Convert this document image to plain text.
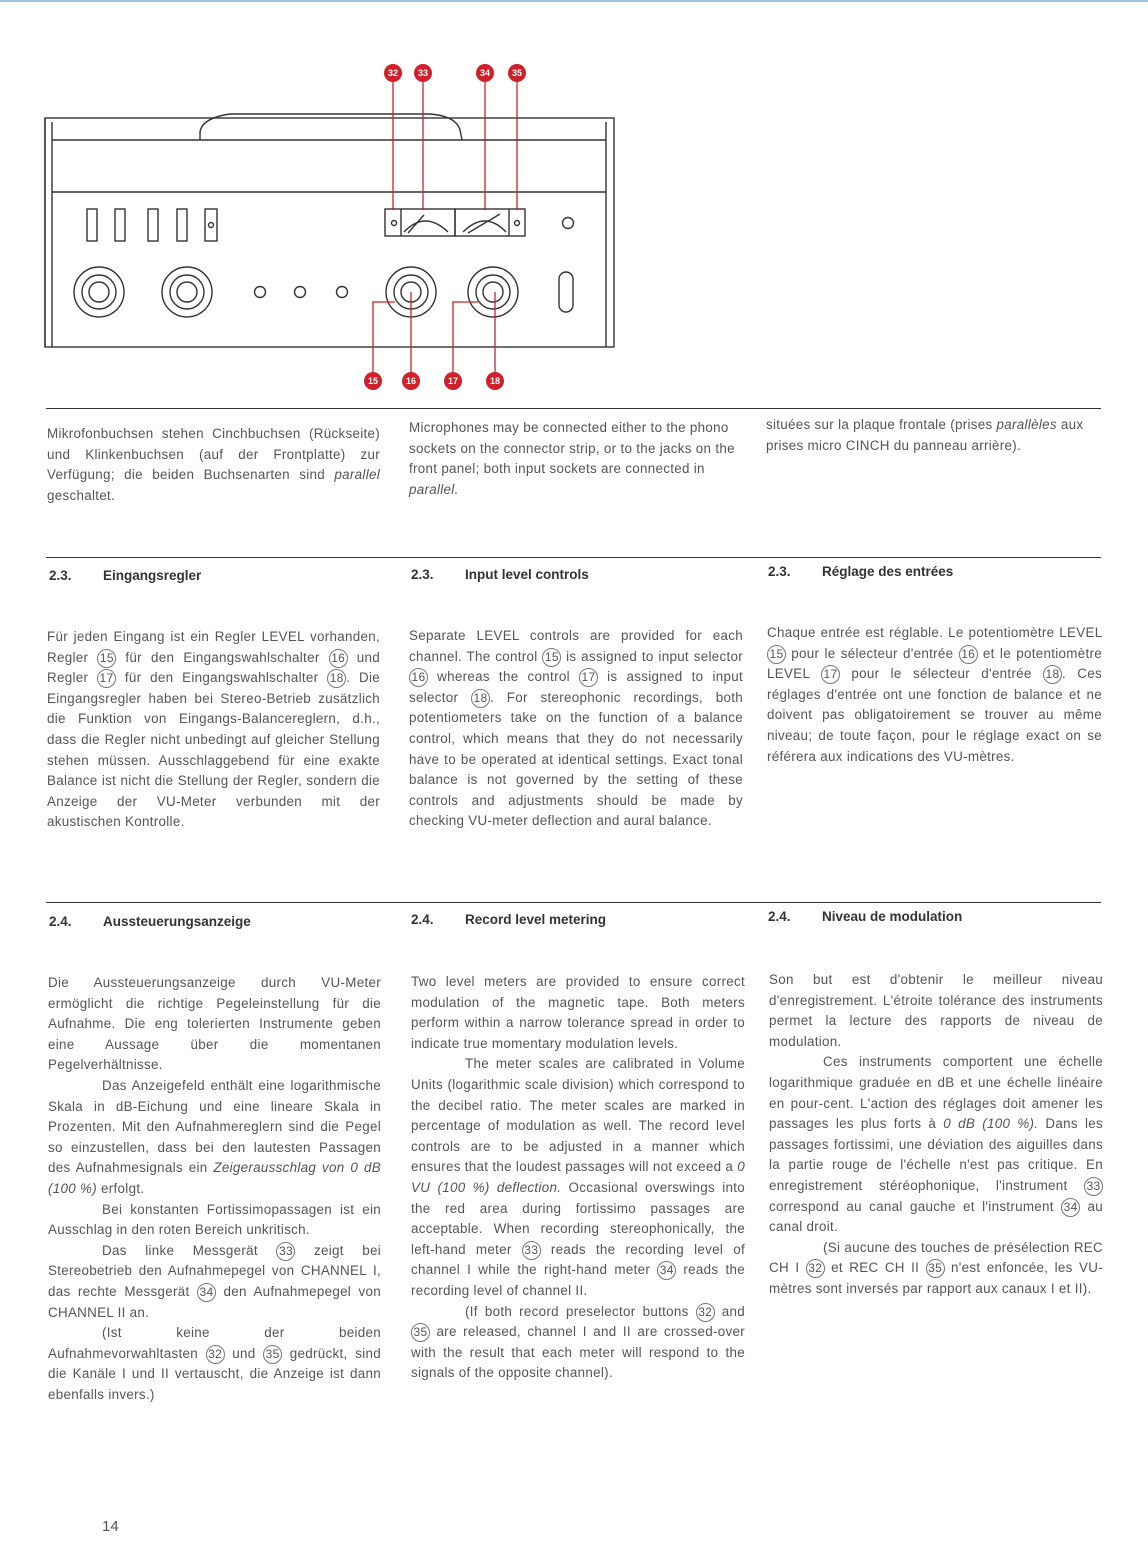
32 33	34 35
15	16	17	18
Mikrofonbuchsen stehen Cinchbuchsen (Rückseite) und Klinkenbuchsen (auf der Frontplatte) zur Verfügung; die beiden Buchsenarten sind parallel geschaltet.
Microphones may be connected either to the phono sockets on the connector strip, or to the jacks on the front panel; both input sockets are connected in parallel.
situées sur la plaque frontale (prises parallèles aux prises micro CINCH du panneau arrière).
2.3. Eingangsregler	2.3. Input level controls	2.3. Réglage des entrées
Für jeden Eingang ist ein Regler LEVEL vorhanden, Regler 15 für den Eingangswahlschalter 16 und Regler 17 für den Eingangswahlschalter 18 . Die Eingangsregler haben bei Stereo-Betrieb zusätzlich die Funktion von Eingangs-Balancereglern, d.h., dass die Regler nicht unbedingt auf gleicher Stellung stehen müssen. Ausschlaggebend für eine exakte Balance ist nicht die Stellung der Regler, sondern die Anzeige der VU-Meter verbunden mit der akustischen Kontrolle.
Separate LEVEL controls are provided for each channel. The control 15 is assigned to input selector 16 whereas the control 17 is assigned to input selector 18 . For stereophonic recordings, both potentiometers take on the function of a balance control, which means that they do not necessarily have to be operated at identical settings. Exact tonal balance is not governed by the setting of these controls and adjustments should be made by checking VU-meter deflection and aural balance.
Chaque entrée est réglable. Le potentiomètre LEVEL 15 pour le sélecteur d'entrée 16 et le potentiomètre LEVEL 17 pour le sélecteur d'entrée 18 . Ces réglages d'entrée ont une fonction de balance et ne doivent pas obligatoirement se trouver au même niveau; de toute façon, pour le réglage exact on se référera aux indications des VU-mètres.
2.4. Aussteuerungsanzeige	2.4. Record level metering	2.4. Niveau de modulation

Die Aussteuerungsanzeige durch VU-Meter ermöglicht die richtige Pegeleinstellung für die Aufnahme. Die eng tolerierten Instrumente geben eine Aussage über die momentanen Pegelverhältnisse.

Das Anzeigefeld enthält eine logarithmische Skala in dB-Eichung und eine lineare Skala in Prozenten. Mit den Aufnahmereglern sind die Pegel so einzustellen, dass bei den lautesten Passagen des Aufnahmesignals ein Zeigerausschlag von 0 dB (100 %) erfolgt.

Bei konstanten Fortissimopassagen ist ein Ausschlag in den roten Bereich unkritisch.

Das linke Messgerät 33 zeigt bei Stereobetrieb den Aufnahmepegel von CHANNEL I, das rechte Messgerät 34 den Aufnahmepegel von CHANNEL II an.

(Ist keine der beiden Aufnahmevorwahltasten 32 und 35 gedrückt, sind die Kanäle I und II vertauscht, die Anzeige ist dann ebenfalls invers.)

Two level meters are provided to ensure correct modulation of the magnetic tape. Both meters perform within a narrow tolerance spread in order to indicate true momentary modulation levels.

The meter scales are calibrated in Volume Units (logarithmic scale division) which correspond to the decibel ratio. The meter scales are marked in percentage of modulation as well. The record level controls are to be adjusted in a manner which ensures that the loudest passages will not exceed a 0 VU (100 %) deflection. Occasional overswings into the red area during fortissimo passages are acceptable. When recording stereophonically, the left-hand meter 33 reads the recording level of channel I while the right-hand meter 34 reads the recording level of channel II.

(If both record preselector buttons 32 and 35 are released, channel I and II are crossed-over with the result that each meter will respond to the signals of the opposite channel).

Son but est d'obtenir le meilleur niveau d'enregistrement. L'étroite tolérance des instruments permet la lecture des rapports de niveau de modulation.

Ces instruments comportent une échelle logarithmique graduée en dB et une échelle linéaire en pour-cent. L'action des réglages doit amener les passages les plus forts à 0 dB (100 %). Dans les passages fortissimi, une déviation des aiguilles dans la partie rouge de l'échelle n'est pas critique. En enregistrement stéréophonique, l'instrument 33 correspond au canal gauche et l'instrument 34 au canal droit.

(Si aucune des touches de présélection REC CH I 32 et REC CH II 35 n'est enfoncée, les VU-mètres sont inversés par rapport aux canaux I et II).

14
